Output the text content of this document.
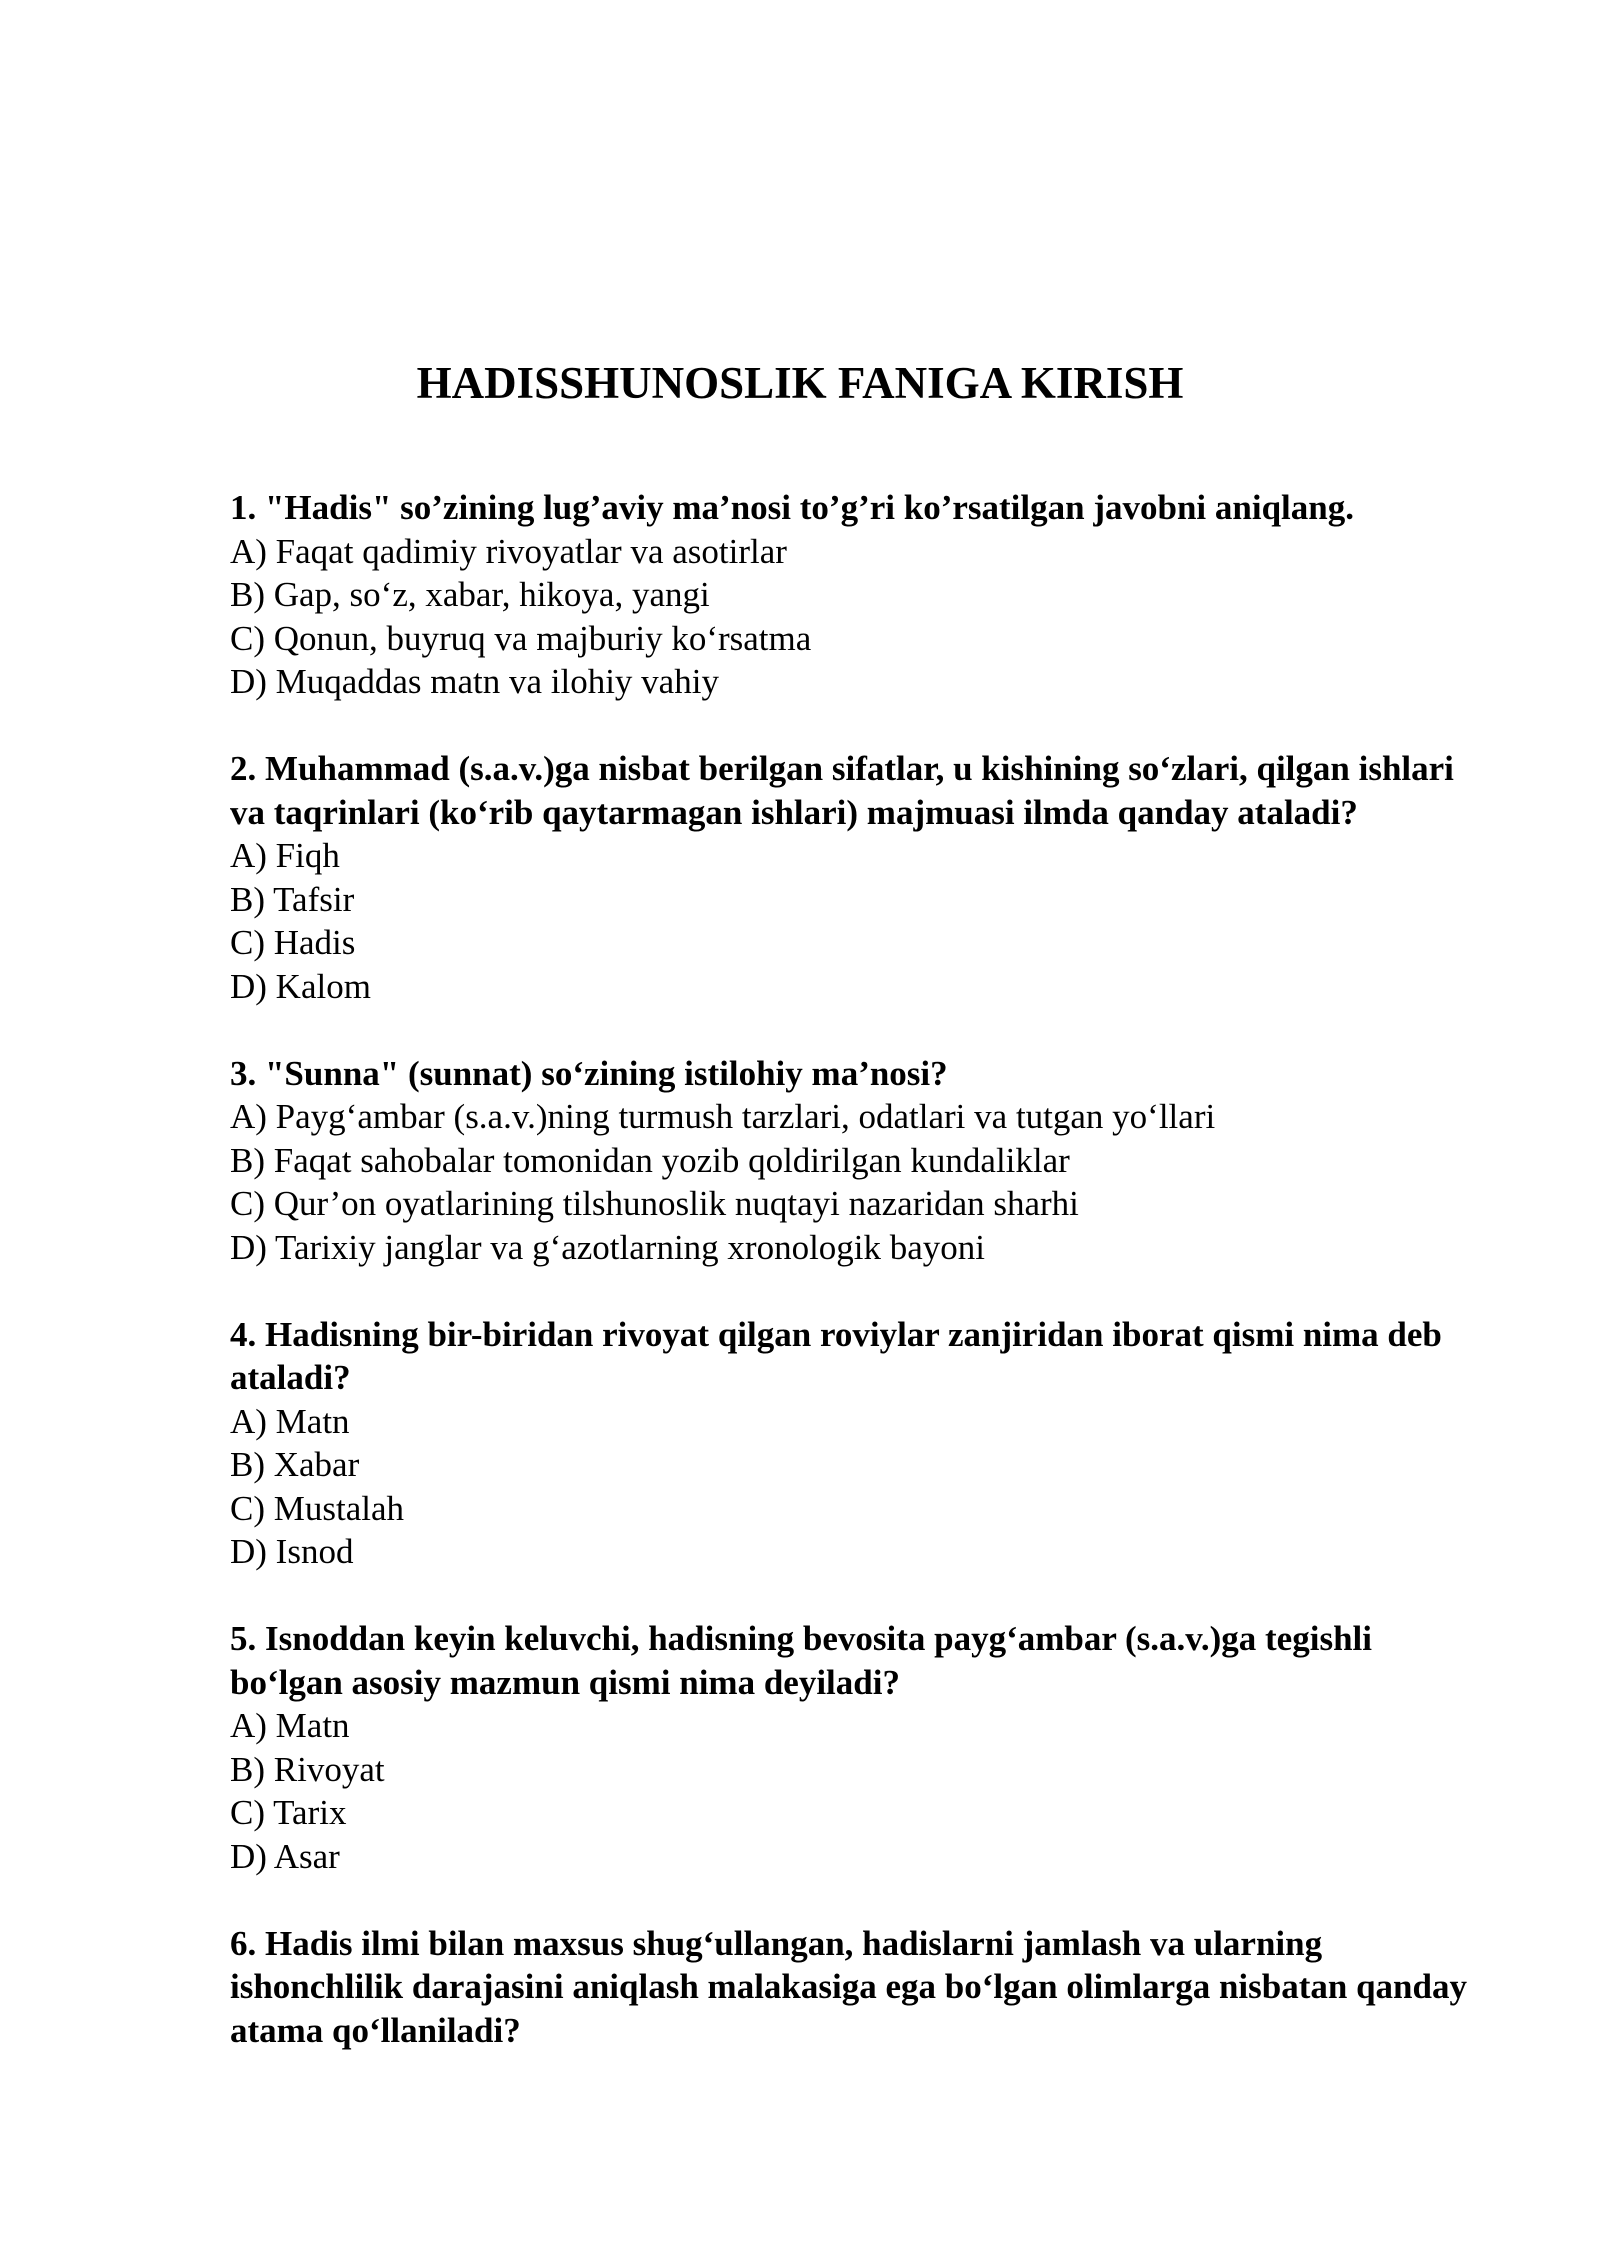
HADISSHUNOSLIK FANIGA KIRISH
1. "Hadis" so’zining lug’aviy ma’nosi to’g’ri ko’rsatilgan javobni aniqlang.
A) Faqat qadimiy rivoyatlar va asotirlar
B) Gap, so‘z, xabar, hikoya, yangi
C) Qonun, buyruq va majburiy ko‘rsatma
D) Muqaddas matn va ilohiy vahiy
2. Muhammad (s.a.v.)ga nisbat berilgan sifatlar, u kishining so‘zlari, qilgan ishlari va taqrinlari (ko‘rib qaytarmagan ishlari) majmuasi ilmda qanday ataladi?
A) Fiqh
B) Tafsir
C) Hadis
D) Kalom
3. "Sunna" (sunnat) so‘zining istilohiy ma’nosi?
A) Payg‘ambar (s.a.v.)ning turmush tarzlari, odatlari va tutgan yo‘llari
B) Faqat sahobalar tomonidan yozib qoldirilgan kundaliklar
C) Qur’on oyatlarining tilshunoslik nuqtayi nazaridan sharhi
D) Tarixiy janglar va g‘azotlarning xronologik bayoni
4. Hadisning bir-biridan rivoyat qilgan roviylar zanjiridan iborat qismi nima deb ataladi?
A) Matn
B) Xabar
C) Mustalah
D) Isnod
5. Isnoddan keyin keluvchi, hadisning bevosita payg‘ambar (s.a.v.)ga tegishli bo‘lgan asosiy mazmun qismi nima deyiladi?
A) Matn
B) Rivoyat
C) Tarix
D) Asar
6. Hadis ilmi bilan maxsus shug‘ullangan, hadislarni jamlash va ularning ishonchlilik darajasini aniqlash malakasiga ega bo‘lgan olimlarga nisbatan qanday atama qo‘llaniladi?
